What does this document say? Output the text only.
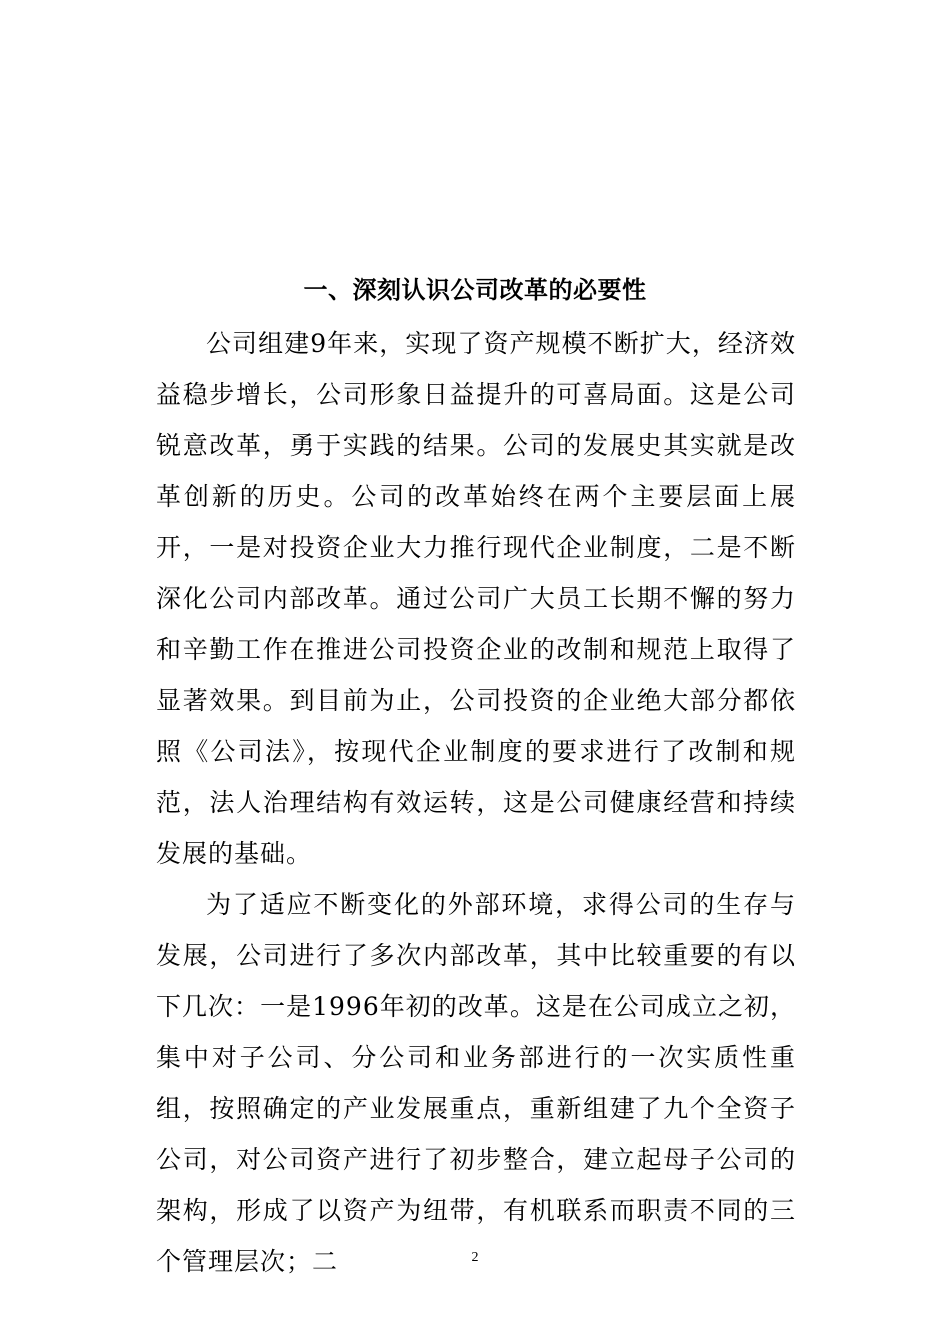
一、深刻认识公司改革的必要性

公司组建9年来，实现了资产规模不断扩大，经济效益稳步增长，公司形象日益提升的可喜局面。这是公司锐意改革，勇于实践的结果。公司的发展史其实就是改革创新的历史。公司的改革始终在两个主要层面上展开，一是对投资企业大力推行现代企业制度，二是不断深化公司内部改革。通过公司广大员工长期不懈的努力和辛勤工作在推进公司投资企业的改制和规范上取得了显著效果。到目前为止，公司投资的企业绝大部分都依照《公司法》，按现代企业制度的要求进行了改制和规范，法人治理结构有效运转，这是公司健康经营和持续发展的基础。

为了适应不断变化的外部环境，求得公司的生存与发展，公司进行了多次内部改革，其中比较重要的有以下几次：一是1996年初的改革。这是在公司成立之初，集中对子公司、分公司和业务部进行的一次实质性重组，按照确定的产业发展重点，重新组建了九个全资子公司，对公司资产进行了初步整合，建立起母子公司的架构，形成了以资产为纽带，有机联系而职责不同的三个管理层次；二	2
